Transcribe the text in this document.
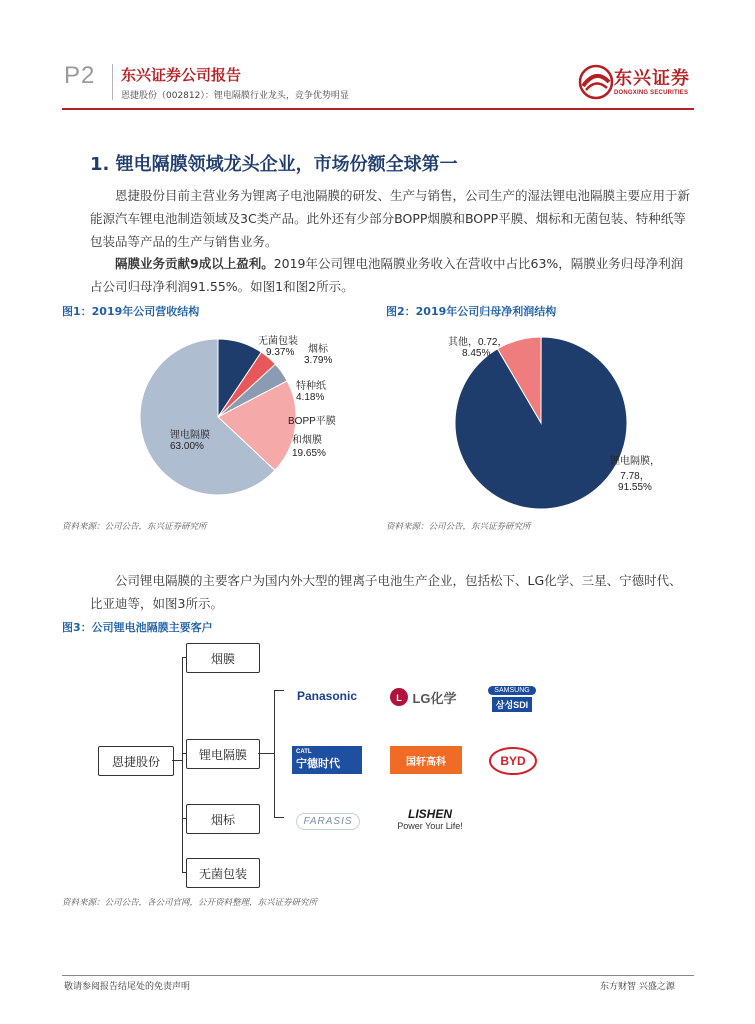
P2 东兴证券公司报告
恩捷股份（002812）：锂电隔膜行业龙头，竞争优势明显
东兴证券
DONGXING SECURITIES
1. 锂电隔膜领域龙头企业，市场份额全球第一
恩捷股份目前主营业务为锂离子电池隔膜的研发、生产与销售，公司生产的湿法锂电池隔膜主要应用于新能源汽车锂电池制造领域及3C类产品。此外还有少部分BOPP烟膜和BOPP平膜、烟标和无菌包装、特种纸等包装品等产品的生产与销售业务。
隔膜业务贡献9成以上盈利。2019年公司锂电池隔膜业务收入在营收中占比63%，隔膜业务归母净利润占公司归母净利润91.55%。如图1和图2所示。
图1：2019年公司营收结构
无菌包装
9.37%	烟标
3.79%
特种纸
4.18%
BOPP平膜
和烟膜
19.65%
锂电隔膜
63.00%
资料来源：公司公告，东兴证券研究所
图2：2019年公司归母净利润结构
其他，0.72，
8.45%
锂电隔膜，
7.78，
91.55%
资料来源：公司公告，东兴证券研究所
公司锂电隔膜的主要客户为国内外大型的锂离子电池生产企业，包括松下、LG化学、三星、宁德时代、比亚迪等，如图3所示。
图3：公司锂电池隔膜主要客户
恩捷股份
烟膜
锂电隔膜
烟标
无菌包装
Panasonic	L LG化学	SAMSUNG
삼성SDI
CATL
宁德时代	国轩高科	BYD
FARASIS	LISHEN
Power Your Life!
资料来源：公司公告，各公司官网，公开资料整理，东兴证券研究所
敬请参阅报告结尾处的免责声明	东方财智 兴盛之源
